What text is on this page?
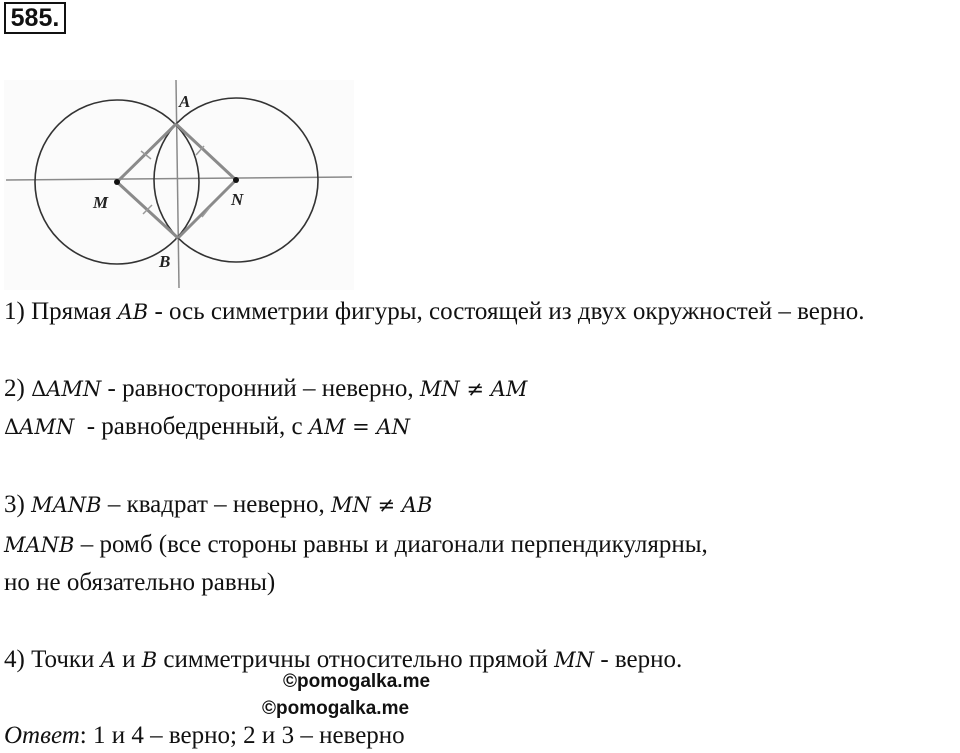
585.
A
B
M	N
1) Прямая AB - ось симметрии фигуры, состоящей из двух окружностей – верно.
2) ΔAMN - равносторонний – неверно, MN ≠ AM
ΔAMN  - равнобедренный, с AM = AN
3) MANB – квадрат – неверно, MN ≠ AB
MANB – ромб (все стороны равны и диагонали перпендикулярны,
но не обязательно равны)
4) Точки A и B симметричны относительно прямой MN - верно.
©pomogalka.me
©pomogalka.me
Ответ: 1 и 4 – верно; 2 и 3 – неверно
